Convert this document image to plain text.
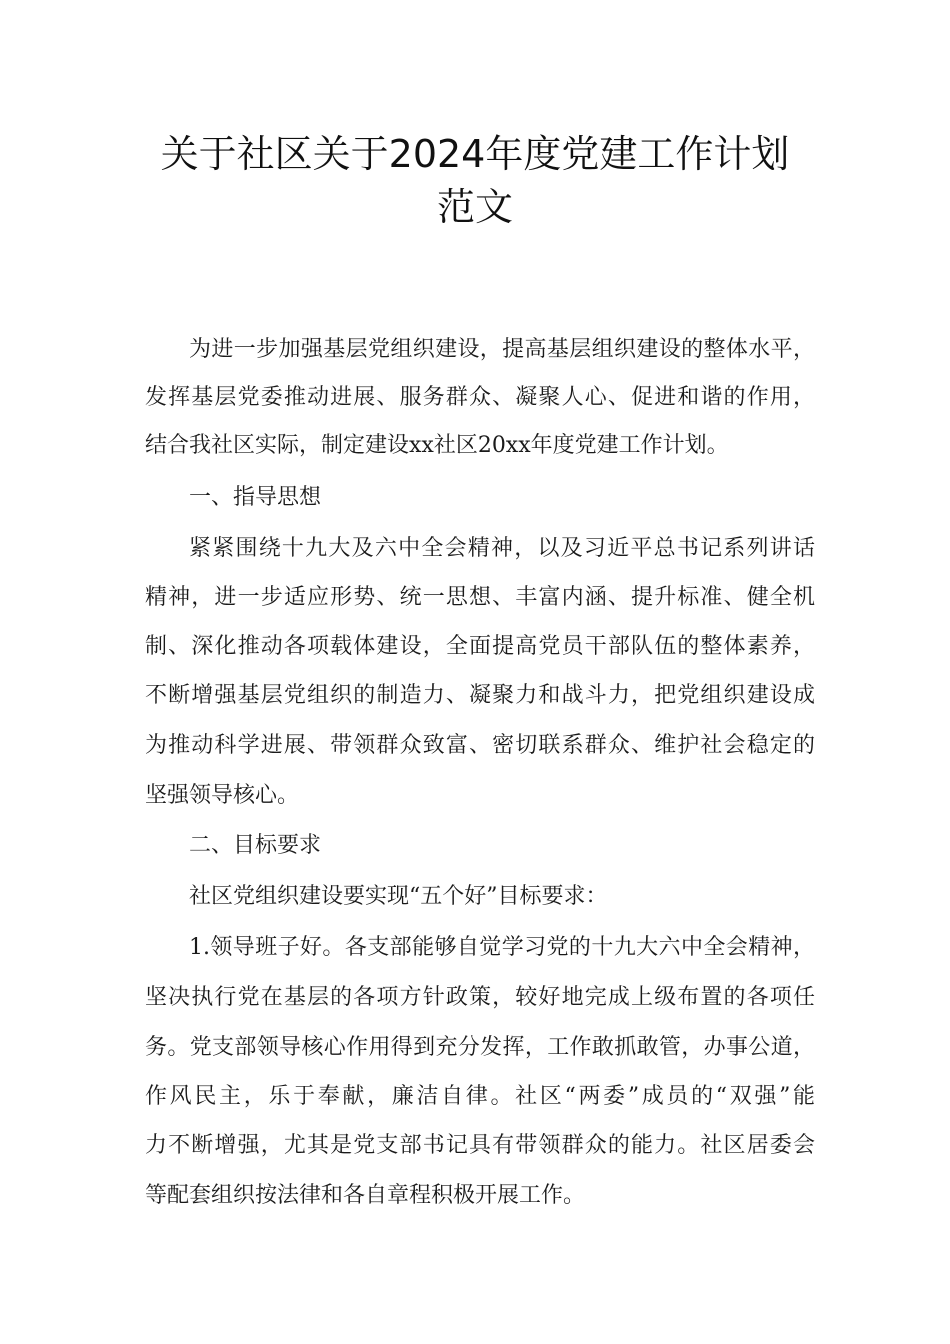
关于社区关于2024年度党建工作计划
范文
为进一步加强基层党组织建设，提高基层组织建设的整体水平，
发挥基层党委推动进展、服务群众、凝聚人心、促进和谐的作用，
结合我社区实际，制定建设xx社区20xx年度党建工作计划。
一、指导思想
紧紧围绕十九大及六中全会精神，以及习近平总书记系列讲话
精神，进一步适应形势、统一思想、丰富内涵、提升标准、健全机
制、深化推动各项载体建设，全面提高党员干部队伍的整体素养，
不断增强基层党组织的制造力、凝聚力和战斗力，把党组织建设成
为推动科学进展、带领群众致富、密切联系群众、维护社会稳定的
坚强领导核心。
二、目标要求
社区党组织建设要实现“五个好”目标要求：
1.领导班子好。各支部能够自觉学习党的十九大六中全会精神，
坚决执行党在基层的各项方针政策，较好地完成上级布置的各项任
务。党支部领导核心作用得到充分发挥，工作敢抓敢管，办事公道，
作风民主，乐于奉献，廉洁自律。社区“两委”成员的“双强”能
力不断增强，尤其是党支部书记具有带领群众的能力。社区居委会
等配套组织按法律和各自章程积极开展工作。
